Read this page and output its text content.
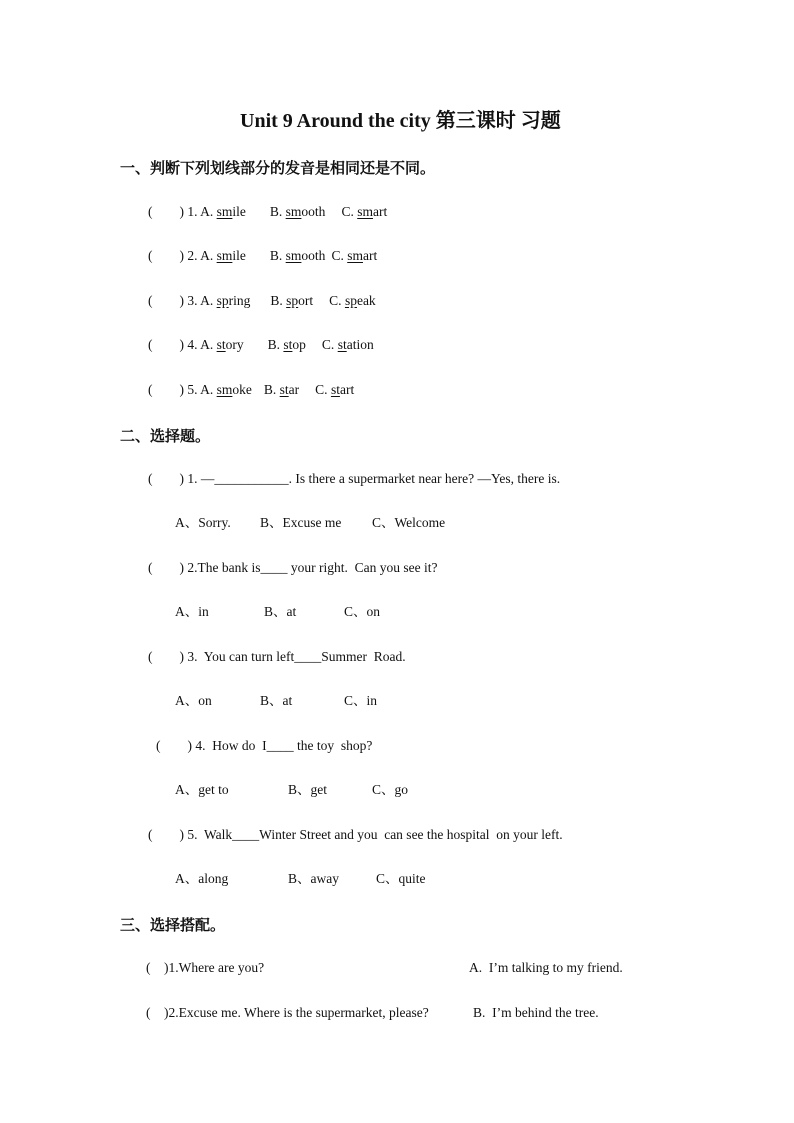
Unit 9 Around the city 第三课时 习题
一、判断下列划线部分的发音是相同还是不同。
(        ) 1. A. smile B. smooth C. smart
(        ) 2. A. smile B. smooth C. smart
(        ) 3. A. spring B. sport C. speak
(        ) 4. A. story B. stop C. station
(        ) 5. A. smoke B. star C. start
二、选择题。
(        ) 1. —___________. Is there a supermarket near here? —Yes, there is.
A、Sorry. B、Excuse me C、Welcome
(        ) 2.The bank is____ your right.  Can you see it?
A、in	B、at	C、on
(        ) 3.  You can turn left____Summer  Road.
A、on	B、at	C、in
(        ) 4.  How do  I____ the toy  shop?
A、get to	B、get	C、go
(        ) 5.  Walk____Winter Street and you  can see the hospital  on your left.
A、along	B、away	C、quite
三、选择搭配。
(    )1.Where are you?	A.  I’m talking to my friend.
(    )2.Excuse me. Where is the supermarket, please?	B.  I’m behind the tree.
